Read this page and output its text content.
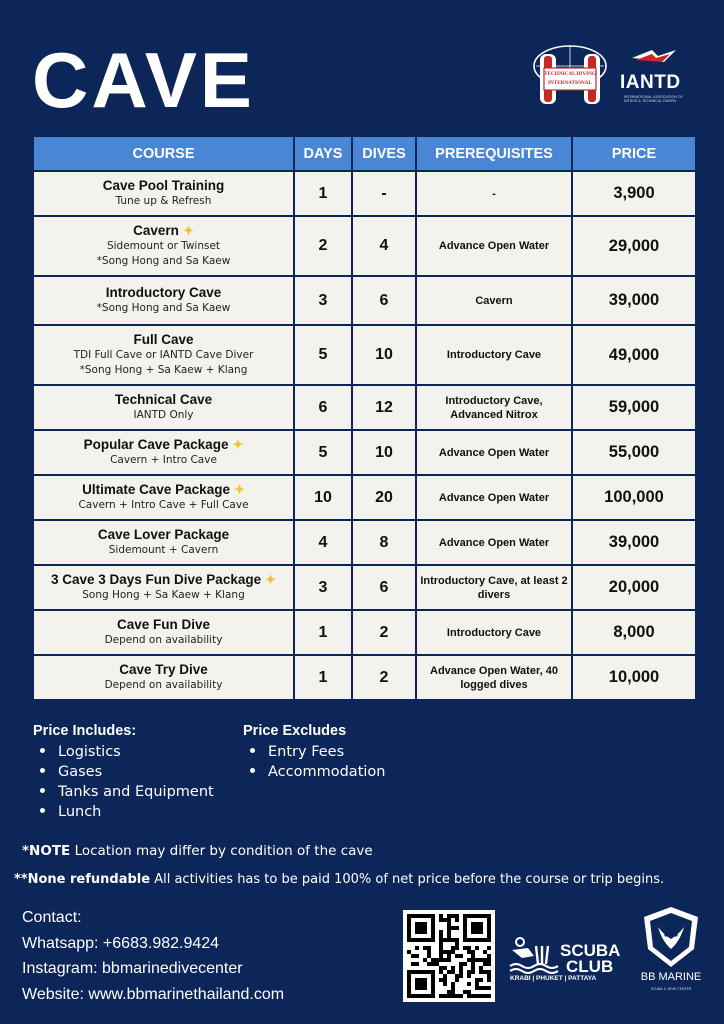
CAVE	TECHNICAL DIVING
INTERNATIONAL IANTD
INTERNATIONAL ASSOCIATION OF NITROX & TECHNICAL DIVERS
COURSE	DAYS	DIVES	PREREQUISITES	PRICE

Cave Pool Training
Tune up & Refresh	1	-	-	3,900

Cavern ✦
Sidemount or Twinset
*Song Hong and Sa Kaew	2	4	Advance Open Water	29,000

Introductory Cave
*Song Hong and Sa Kaew	3	6	Cavern	39,000

Full Cave
TDI Full Cave or IANTD Cave Diver
*Song Hong + Sa Kaew + Klang	5	10	Introductory Cave	49,000

Technical Cave
IANTD Only	6	12	Introductory Cave, Advanced Nitrox	59,000

Popular Cave Package ✦
Cavern + Intro Cave	5	10	Advance Open Water	55,000

Ultimate Cave Package ✦
Cavern + Intro Cave + Full Cave	10	20	Advance Open Water	100,000

Cave Lover Package
Sidemount + Cavern	4	8	Advance Open Water	39,000

3 Cave 3 Days Fun Dive Package ✦
Song Hong + Sa Kaew + Klang	3	6	Introductory Cave, at least 2 divers	20,000

Cave Fun Dive
Depend on availability	1	2	Introductory Cave	8,000

Cave Try Dive
Depend on availability	1	2	Advance Open Water, 40 logged dives	10,000
Price Includes:
Logistics
Gases
Tanks and Equipment
Lunch
Price Excludes
Entry Fees
Accommodation
*NOTE Location may differ by condition of the cave
**None refundable All activities has to be paid 100% of net price before the course or trip begins.
Contact:
Whatsapp: +6683.982.9424
Instagram: bbmarinedivecenter
Website: www.bbmarinethailand.com
SCUBA
CLUB
KRABI | PHUKET | PATTAYA	BB MARINE
SCUBA & DIVE CENTER
